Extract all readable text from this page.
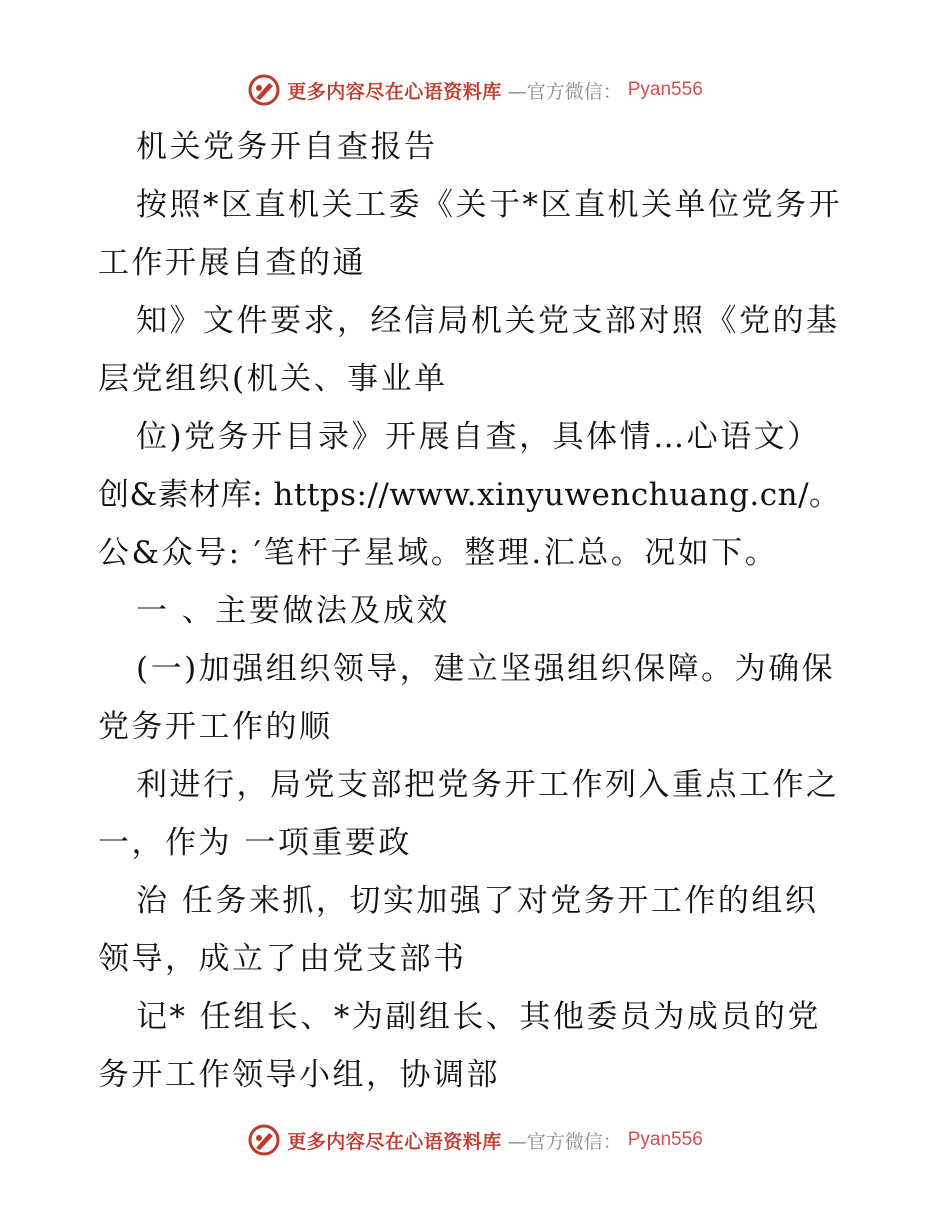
更多内容尽在心语资料库 —官方微信： Pyan556
机关党务开自查报告
按照*区直机关工委《关于*区直机关单位党务开
工作开展自查的通
知》文件要求，经信局机关党支部对照《党的基
层党组织(机关、事业单
位)党务开目录》开展自查，具体情…心语文）
创&素材库: https://www.xinyuwenchuang.cn/。
公&众号: ′笔杆子星域。整理.汇总。况如下。
一 、主要做法及成效
(一)加强组织领导，建立坚强组织保障。为确保
党务开工作的顺
利进行，局党支部把党务开工作列入重点工作之
一，作为 一项重要政
治 任务来抓，切实加强了对党务开工作的组织
领导，成立了由党支部书
记* 任组长、*为副组长、其他委员为成员的党
务开工作领导小组，协调部
更多内容尽在心语资料库 —官方微信： Pyan556
